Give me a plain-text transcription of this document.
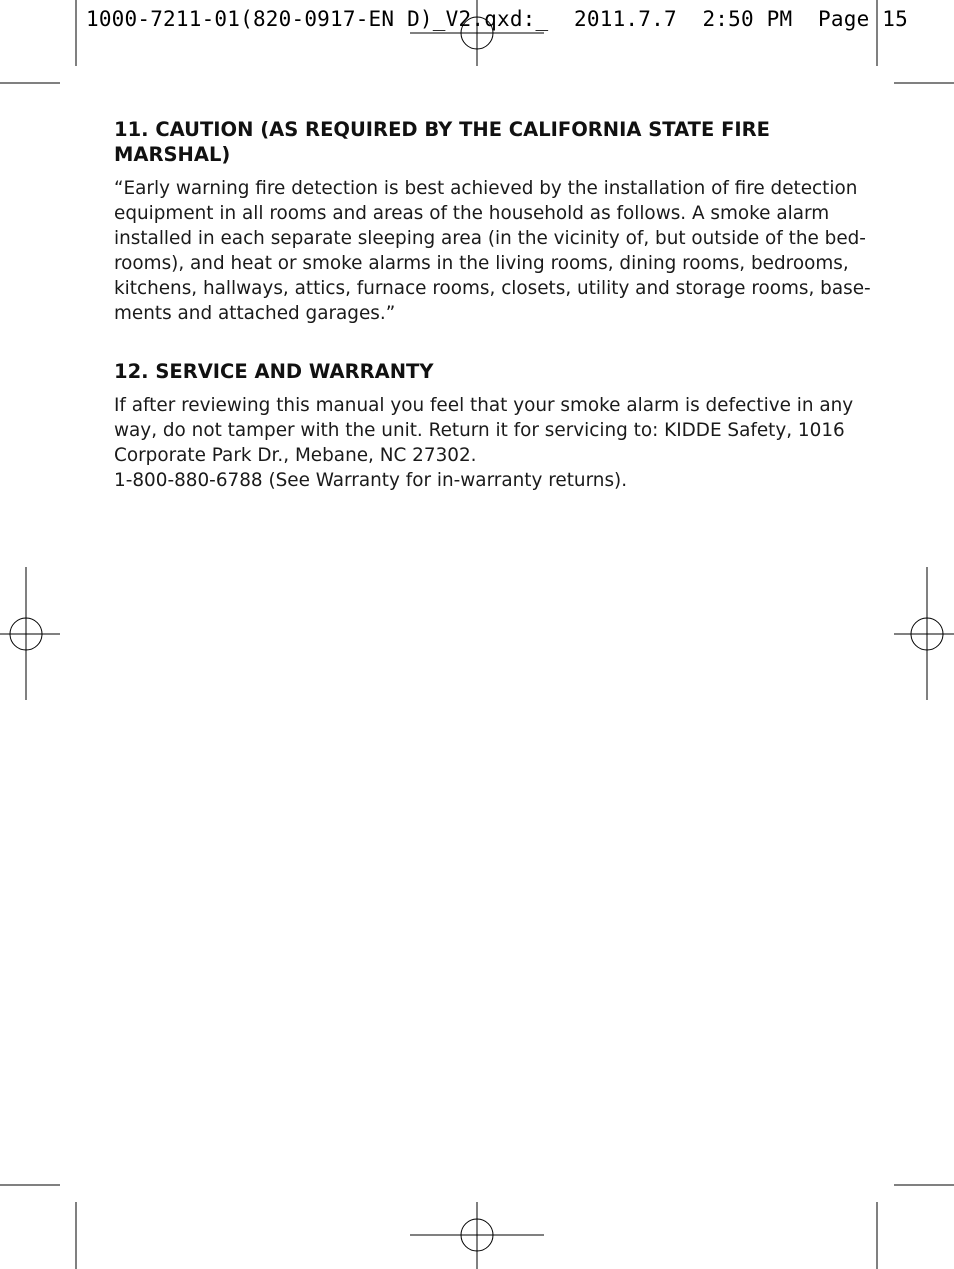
1000-7211-01(820-0917-EN D)_V2.qxd:_  2011.7.7  2:50 PM  Page 15
11. CAUTION (AS REQUIRED BY THE CALIFORNIA STATE FIRE
MARSHAL)

“Early warning fire detection is best achieved by the installation of fire detection
equipment in all rooms and areas of the household as follows. A smoke alarm
installed in each separate sleeping area (in the vicinity of, but outside of the bed-
rooms), and heat or smoke alarms in the living rooms, dining rooms, bedrooms,
kitchens, hallways, attics, furnace rooms, closets, utility and storage rooms, base-
ments and attached garages.”

12. SERVICE AND WARRANTY

If after reviewing this manual you feel that your smoke alarm is defective in any
way, do not tamper with the unit. Return it for servicing to: KIDDE Safety, 1016
Corporate Park Dr., Mebane, NC 27302.
1-800-880-6788 (See Warranty for in-warranty returns).
